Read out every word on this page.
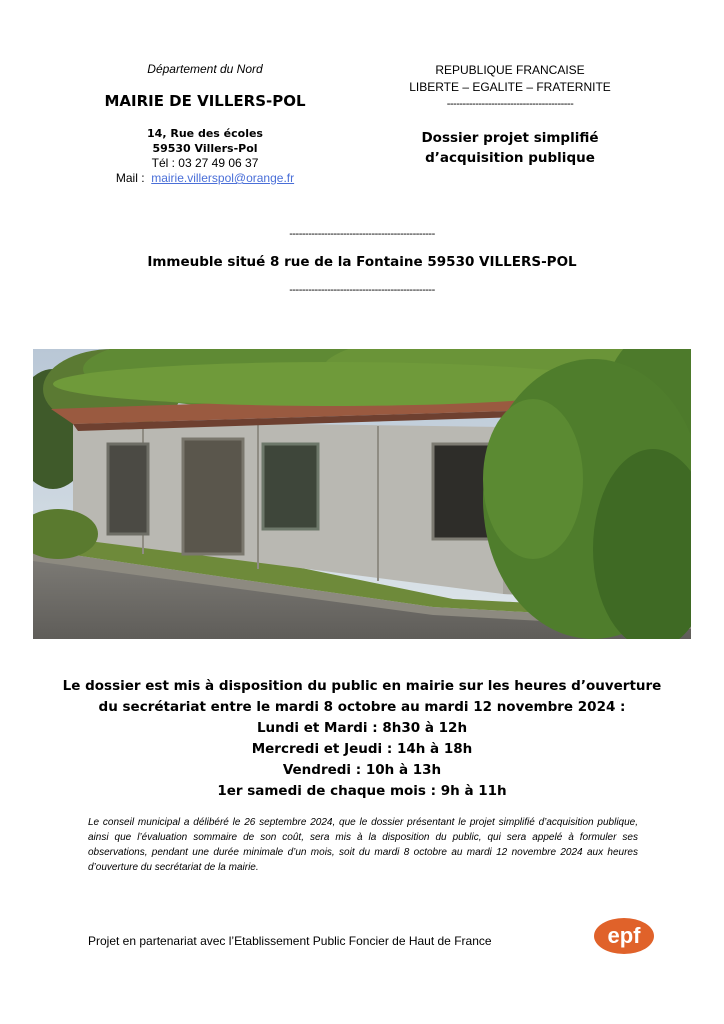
Département du Nord
MAIRIE DE VILLERS-POL
14, Rue des écoles
59530 Villers-Pol
Tél : 03 27 49 06 37
Mail : mairie.villerspol@orange.fr
REPUBLIQUE FRANCAISE
LIBERTE – EGALITE – FRATERNITE
----------------------------------------
Dossier projet simplifié d’acquisition publique
----------------------------------------------
Immeuble situé 8 rue de la Fontaine 59530 VILLERS-POL
----------------------------------------------
Le dossier est mis à disposition du public en mairie sur les heures d’ouverture
du secrétariat entre le mardi 8 octobre au mardi 12 novembre 2024 :
Lundi et Mardi : 8h30 à 12h
Mercredi et Jeudi : 14h à 18h
Vendredi : 10h à 13h
1er samedi de chaque mois : 9h à 11h
Le conseil municipal a délibéré le 26 septembre 2024, que le dossier présentant le projet simplifié d’acquisition publique, ainsi que l’évaluation sommaire de son coût, sera mis à la disposition du public, qui sera appelé à formuler ses observations, pendant une durée minimale d’un mois, soit du mardi 8 octobre au mardi 12 novembre 2024 aux heures d’ouverture du secrétariat de la mairie.
Projet en partenariat avec l’Etablissement Public Foncier de Haut de France	epf
